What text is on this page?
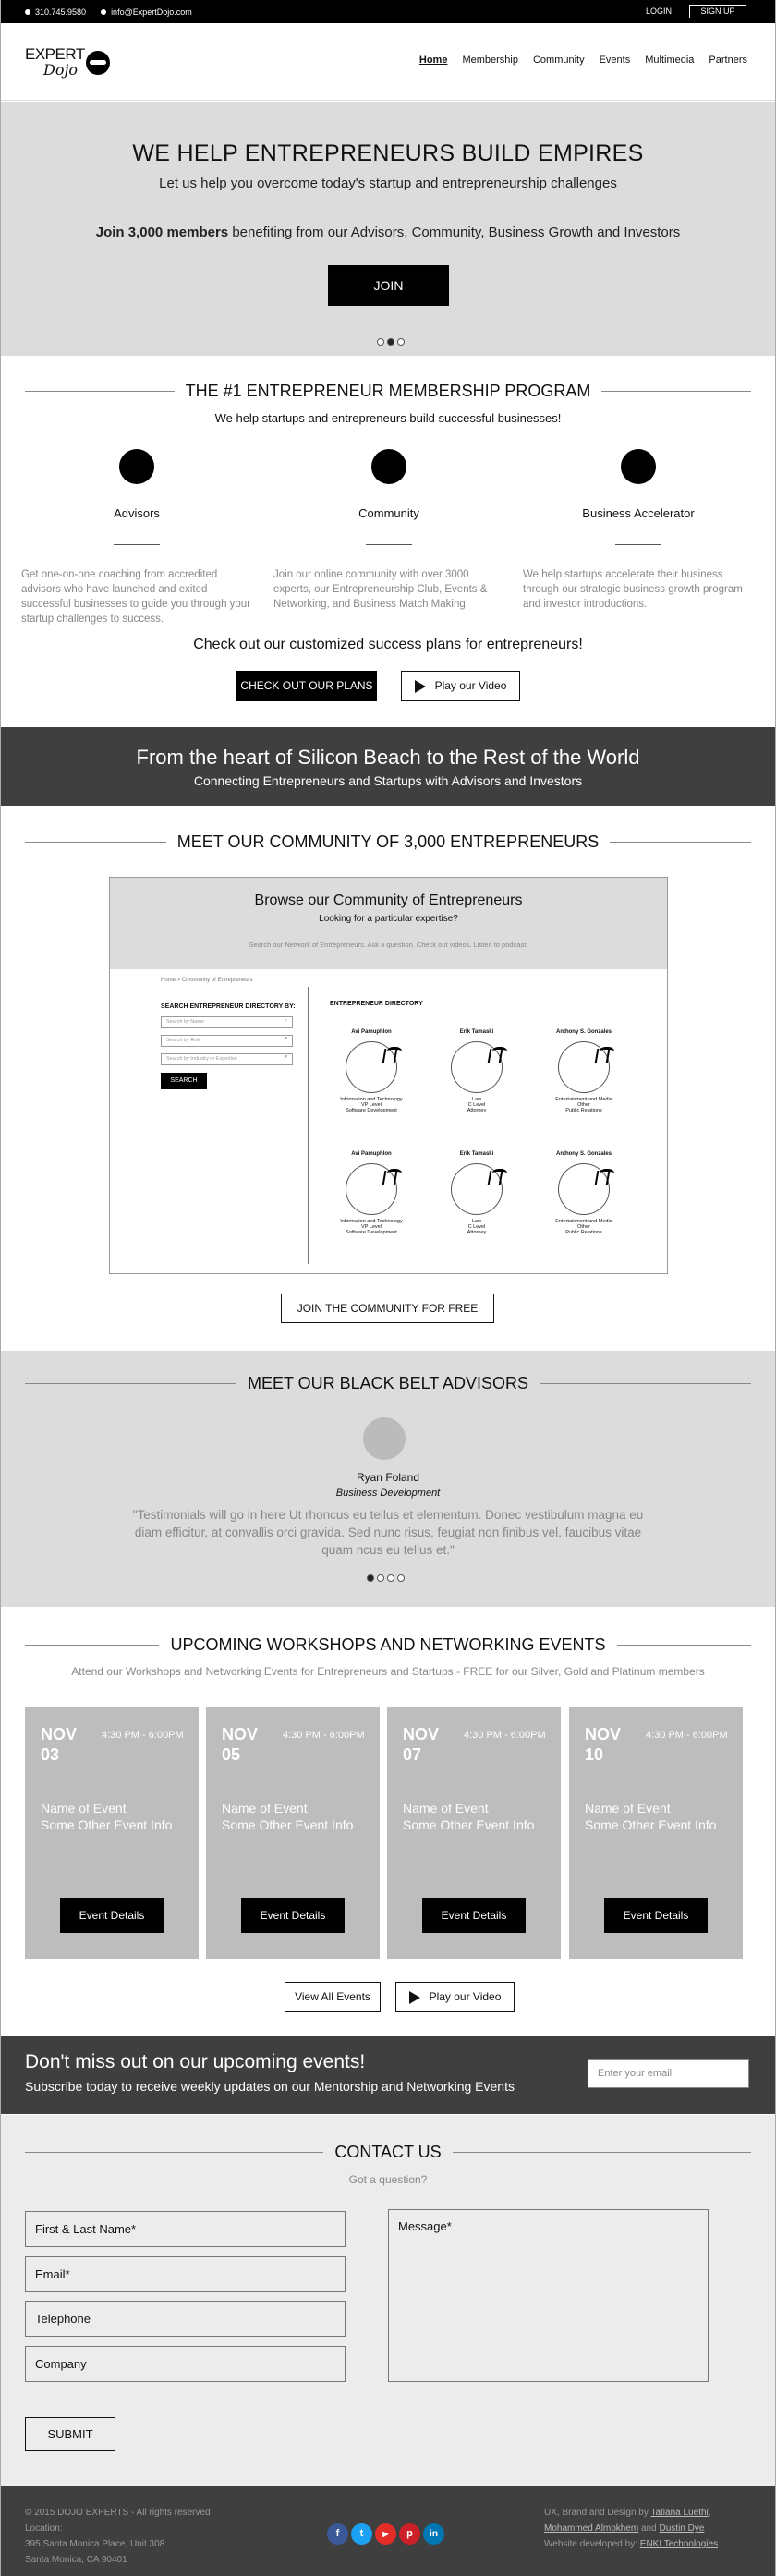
310.745.9580	info@ExpertDojo.com	LOGIN	SIGN UP
EXPERT
Dojo
Home Membership Community Events Multimedia Partners
WE HELP ENTREPRENEURS BUILD EMPIRES
Let us help you overcome today's startup and entrepreneurship challenges
Join 3,000 members benefiting from our Advisors, Community, Business Growth and Investors
JOIN
THE #1 ENTREPRENEUR MEMBERSHIP PROGRAM
We help startups and entrepreneurs build successful businesses!
Advisors
Get one-on-one coaching from accredited advisors who have launched and exited successful businesses to guide you through your startup challenges to success.
Community
Join our online community with over 3000 experts, our Entrepreneurship Club, Events & Networking, and Business Match Making.
Business Accelerator
We help startups accelerate their business through our strategic business growth program and investor introductions.
Check out our customized success plans for entrepreneurs!
CHECK OUT OUR PLANS	Play our Video
From the heart of Silicon Beach to the Rest of the World
Connecting Entrepreneurs and Startups with Advisors and Investors
MEET OUR COMMUNITY OF 3,000 ENTREPRENEURS
Browse our Community of Entrepreneurs
Looking for a particular expertise?
Search our Network of Entrepreneurs. Ask a question. Check out videos. Listen to podcast.
Home > Community of Entrepreneurs
SEARCH ENTREPRENEUR DIRECTORY BY:
Search by Name	⌕
Search by Role	▾
Search by Industry or Expertise	▾
SEARCH
ENTREPRENEUR DIRECTORY
Avi Pamuphlon
Information and Technology
VP Level
Software Development
Erik Tamaski
Law
C Level
Attorney
Anthony S. Gonzales
Entertainment and Media
Other
Public Relations
Avi Pamuphlon
Information and Technology
VP Level
Software Development
Erik Tamaski
Law
C Level
Attorney
Anthony S. Gonzales
Entertainment and Media
Other
Public Relations
JOIN THE COMMUNITY FOR FREE
MEET OUR BLACK BELT ADVISORS
Ryan Foland
Business Development
"Testimonials will go in here Ut rhoncus eu tellus et elementum. Donec vestibulum magna eu diam efficitur, at convallis orci gravida. Sed nunc risus, feugiat non finibus vel, faucibus vitae quam ncus eu tellus et."
UPCOMING WORKSHOPS AND NETWORKING EVENTS
Attend our Workshops and Networking Events for Entrepreneurs and Startups - FREE for our Silver, Gold and Platinum members
NOV
03
4:30 PM - 6:00PM
Name of Event
Some Other Event Info
Event Details
NOV
05
4:30 PM - 6:00PM
Name of Event
Some Other Event Info
Event Details
NOV
07
4:30 PM - 6:00PM
Name of Event
Some Other Event Info
Event Details
NOV
10
4:30 PM - 6:00PM
Name of Event
Some Other Event Info
Event Details
View All Events	Play our Video
Don't miss out on our upcoming events!
Subscribe today to receive weekly updates on our Mentorship and Networking Events
Enter your email
CONTACT US
Got a question?
First & Last Name*
Email*
Telephone
Company
Message*
SUBMIT
© 2015 DOJO EXPERTS - All rights reserved
Location:
395 Santa Monica Place, Unit 308
Santa Monica, CA 90401
f	t	▶	p	in
UX, Brand and Design by Tatiana Luethi,
Mohammed Almokhem and Dustin Dye
Website developed by: ENKI Technologies
